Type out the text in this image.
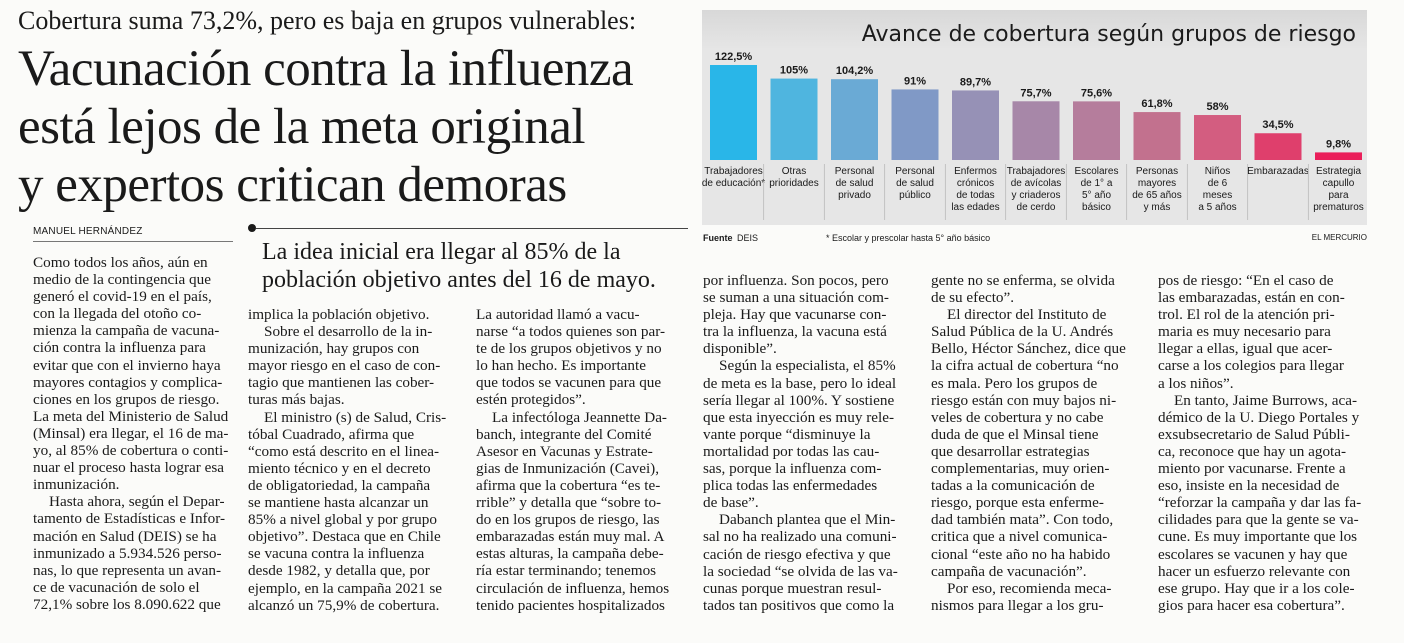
Cobertura suma 73,2%, pero es baja en grupos vulnerables:
Vacunación contra la influenza
está lejos de la meta original
y expertos critican demoras
MANUEL HERNÁNDEZ
La idea inicial era llegar al 85% de la
población objetivo antes del 16 de mayo.
Como todos los años, aún en
medio de la contingencia que
generó el covid-19 en el país,
con la llegada del otoño co-
mienza la campaña de vacuna-
ción contra la influenza para
evitar que con el invierno haya
mayores contagios y complica-
ciones en los grupos de riesgo.
La meta del Ministerio de Salud
(Minsal) era llegar, el 16 de ma-
yo, al 85% de cobertura o conti-
nuar el proceso hasta lograr esa
inmunización.
Hasta ahora, según el Depar-
tamento de Estadísticas e Infor-
mación en Salud (DEIS) se ha
inmunizado a 5.934.526 perso-
nas, lo que representa un avan-
ce de vacunación de solo el
72,1% sobre los 8.090.622 que
implica la población objetivo.
Sobre el desarrollo de la in-
munización, hay grupos con
mayor riesgo en el caso de con-
tagio que mantienen las cober-
turas más bajas.
El ministro (s) de Salud, Cris-
tóbal Cuadrado, afirma que
“como está descrito en el linea-
miento técnico y en el decreto
de obligatoriedad, la campaña
se mantiene hasta alcanzar un
85% a nivel global y por grupo
objetivo”. Destaca que en Chile
se vacuna contra la influenza
desde 1982, y detalla que, por
ejemplo, en la campaña 2021 se
alcanzó un 75,9% de cobertura.
La autoridad llamó a vacu-
narse “a todos quienes son par-
te de los grupos objetivos y no
lo han hecho. Es importante
que todos se vacunen para que
estén protegidos”.
La infectóloga Jeannette Da-
banch, integrante del Comité
Asesor en Vacunas y Estrate-
gias de Inmunización (Cavei),
afirma que la cobertura “es te-
rrible” y detalla que “sobre to-
do en los grupos de riesgo, las
embarazadas están muy mal. A
estas alturas, la campaña debe-
ría estar terminando; tenemos
circulación de influenza, hemos
tenido pacientes hospitalizados
por influenza. Son pocos, pero
se suman a una situación com-
pleja. Hay que vacunarse con-
tra la influenza, la vacuna está
disponible”.
Según la especialista, el 85%
de meta es la base, pero lo ideal
sería llegar al 100%. Y sostiene
que esta inyección es muy rele-
vante porque “disminuye la
mortalidad por todas las cau-
sas, porque la influenza com-
plica todas las enfermedades
de base”.
Dabanch plantea que el Min-
sal no ha realizado una comuni-
cación de riesgo efectiva y que
la sociedad “se olvida de las va-
cunas porque muestran resul-
tados tan positivos que como la
gente no se enferma, se olvida
de su efecto”.
El director del Instituto de
Salud Pública de la U. Andrés
Bello, Héctor Sánchez, dice que
la cifra actual de cobertura “no
es mala. Pero los grupos de
riesgo están con muy bajos ni-
veles de cobertura y no cabe
duda de que el Minsal tiene
que desarrollar estrategias
complementarias, muy orien-
tadas a la comunicación de
riesgo, porque esta enferme-
dad también mata”. Con todo,
critica que a nivel comunica-
cional “este año no ha habido
campaña de vacunación”.
Por eso, recomienda meca-
nismos para llegar a los gru-
pos de riesgo: “En el caso de
las embarazadas, están en con-
trol. El rol de la atención pri-
maria es muy necesario para
llegar a ellas, igual que acer-
carse a los colegios para llegar
a los niños”.
En tanto, Jaime Burrows, aca-
démico de la U. Diego Portales y
exsubsecretario de Salud Públi-
ca, reconoce que hay un agota-
miento por vacunarse. Frente a
eso, insiste en la necesidad de
“reforzar la campaña y dar las fa-
cilidades para que la gente se va-
cune. Es muy importante que los
escolares se vacunen y hay que
hacer un esfuerzo relevante con
ese grupo. Hay que ir a los cole-
gios para hacer esa cobertura”.
122,5%
Trabajadores
de educación*
105%
Otras
prioridades
104,2%
Personal
de salud
privado
91%
Personal
de salud
público
89,7%
Enfermos
crónicos
de todas
las edades
75,7%
Trabajadores
de avícolas
y criaderos
de cerdo
75,6%
Escolares
de 1° a
5° año
básico
61,8%
Personas
mayores
de 65 años
y más
58%
Niños
de 6
meses
a 5 años
34,5%
Embarazadas
9,8%
Estrategia
capullo
para
prematuros
Avance de cobertura según grupos de riesgo
Fuente DEIS	* Escolar y prescolar hasta 5° año básico	EL MERCURIO
